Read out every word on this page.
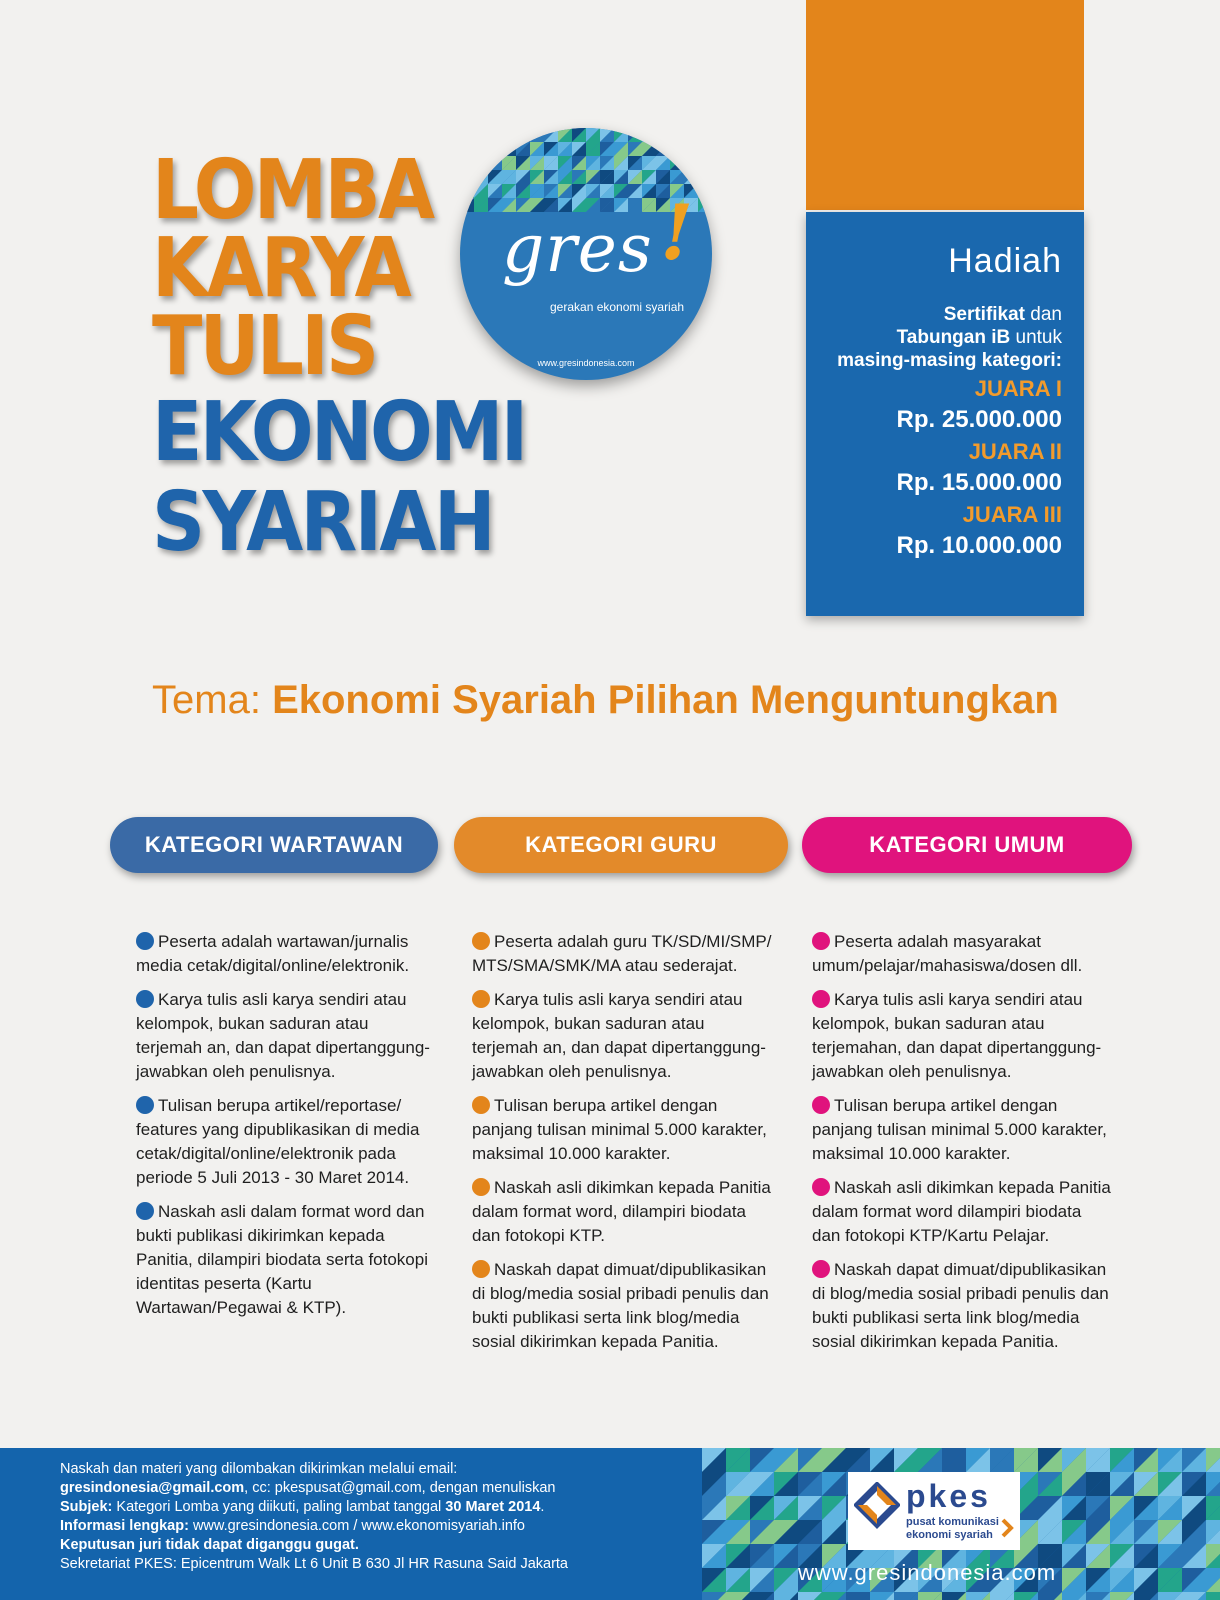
LOMBA
KARYA
TULIS
EKONOMI
SYARIAH
gres !
gerakan ekonomi syariah
www.gresindonesia.com
Hadiah
Sertifikat dan
Tabungan iB untuk
masing-masing kategori:
JUARA I
Rp. 25.000.000
JUARA II
Rp. 15.000.000
JUARA III
Rp. 10.000.000
Tema: Ekonomi Syariah Pilihan Menguntungkan
KATEGORI WARTAWAN	KATEGORI GURU	KATEGORI UMUM
Peserta adalah wartawan/jurnalis media cetak/digital/online/elektronik.
Karya tulis asli karya sendiri atau kelompok, bukan saduran atau terjemah an, dan dapat dipertanggung-jawabkan oleh penulisnya.
Tulisan berupa artikel/reportase/ features yang dipublikasikan di media cetak/digital/online/elektronik pada periode 5 Juli 2013 - 30 Maret 2014.
Naskah asli dalam format word dan bukti publikasi dikirimkan kepada Panitia, dilampiri biodata serta fotokopi identitas peserta (Kartu Wartawan/Pegawai & KTP).
Peserta adalah guru TK/SD/MI/SMP/ MTS/SMA/SMK/MA atau sederajat.
Karya tulis asli karya sendiri atau kelompok, bukan saduran atau terjemah an, dan dapat dipertanggung-jawabkan oleh penulisnya.
Tulisan berupa artikel dengan panjang tulisan minimal 5.000 karakter, maksimal 10.000 karakter.
Naskah asli dikimkan kepada Panitia dalam format word, dilampiri biodata dan fotokopi KTP.
Naskah dapat dimuat/dipublikasikan di blog/media sosial pribadi penulis dan bukti publikasi serta link blog/media sosial dikirimkan kepada Panitia.
Peserta adalah masyarakat umum/pelajar/mahasiswa/dosen dll.
Karya tulis asli karya sendiri atau kelompok, bukan saduran atau terjemahan, dan dapat dipertanggung-jawabkan oleh penulisnya.
Tulisan berupa artikel dengan panjang tulisan minimal 5.000 karakter, maksimal 10.000 karakter.
Naskah asli dikimkan kepada Panitia dalam format word dilampiri biodata dan fotokopi KTP/Kartu Pelajar.
Naskah dapat dimuat/dipublikasikan di blog/media sosial pribadi penulis dan bukti publikasi serta link blog/media sosial dikirimkan kepada Panitia.
Naskah dan materi yang dilombakan dikirimkan melalui email:
gresindonesia@gmail.com, cc: pkespusat@gmail.com, dengan menuliskan
Subjek: Kategori Lomba yang diikuti, paling lambat tanggal 30 Maret 2014.
Informasi lengkap: www.gresindonesia.com / www.ekonomisyariah.info
Keputusan juri tidak dapat diganggu gugat.
Sekretariat PKES: Epicentrum Walk Lt 6 Unit B 630 Jl HR Rasuna Said Jakarta
pkes
pusat komunikasi
ekonomi syariah
www.gresindonesia.com
